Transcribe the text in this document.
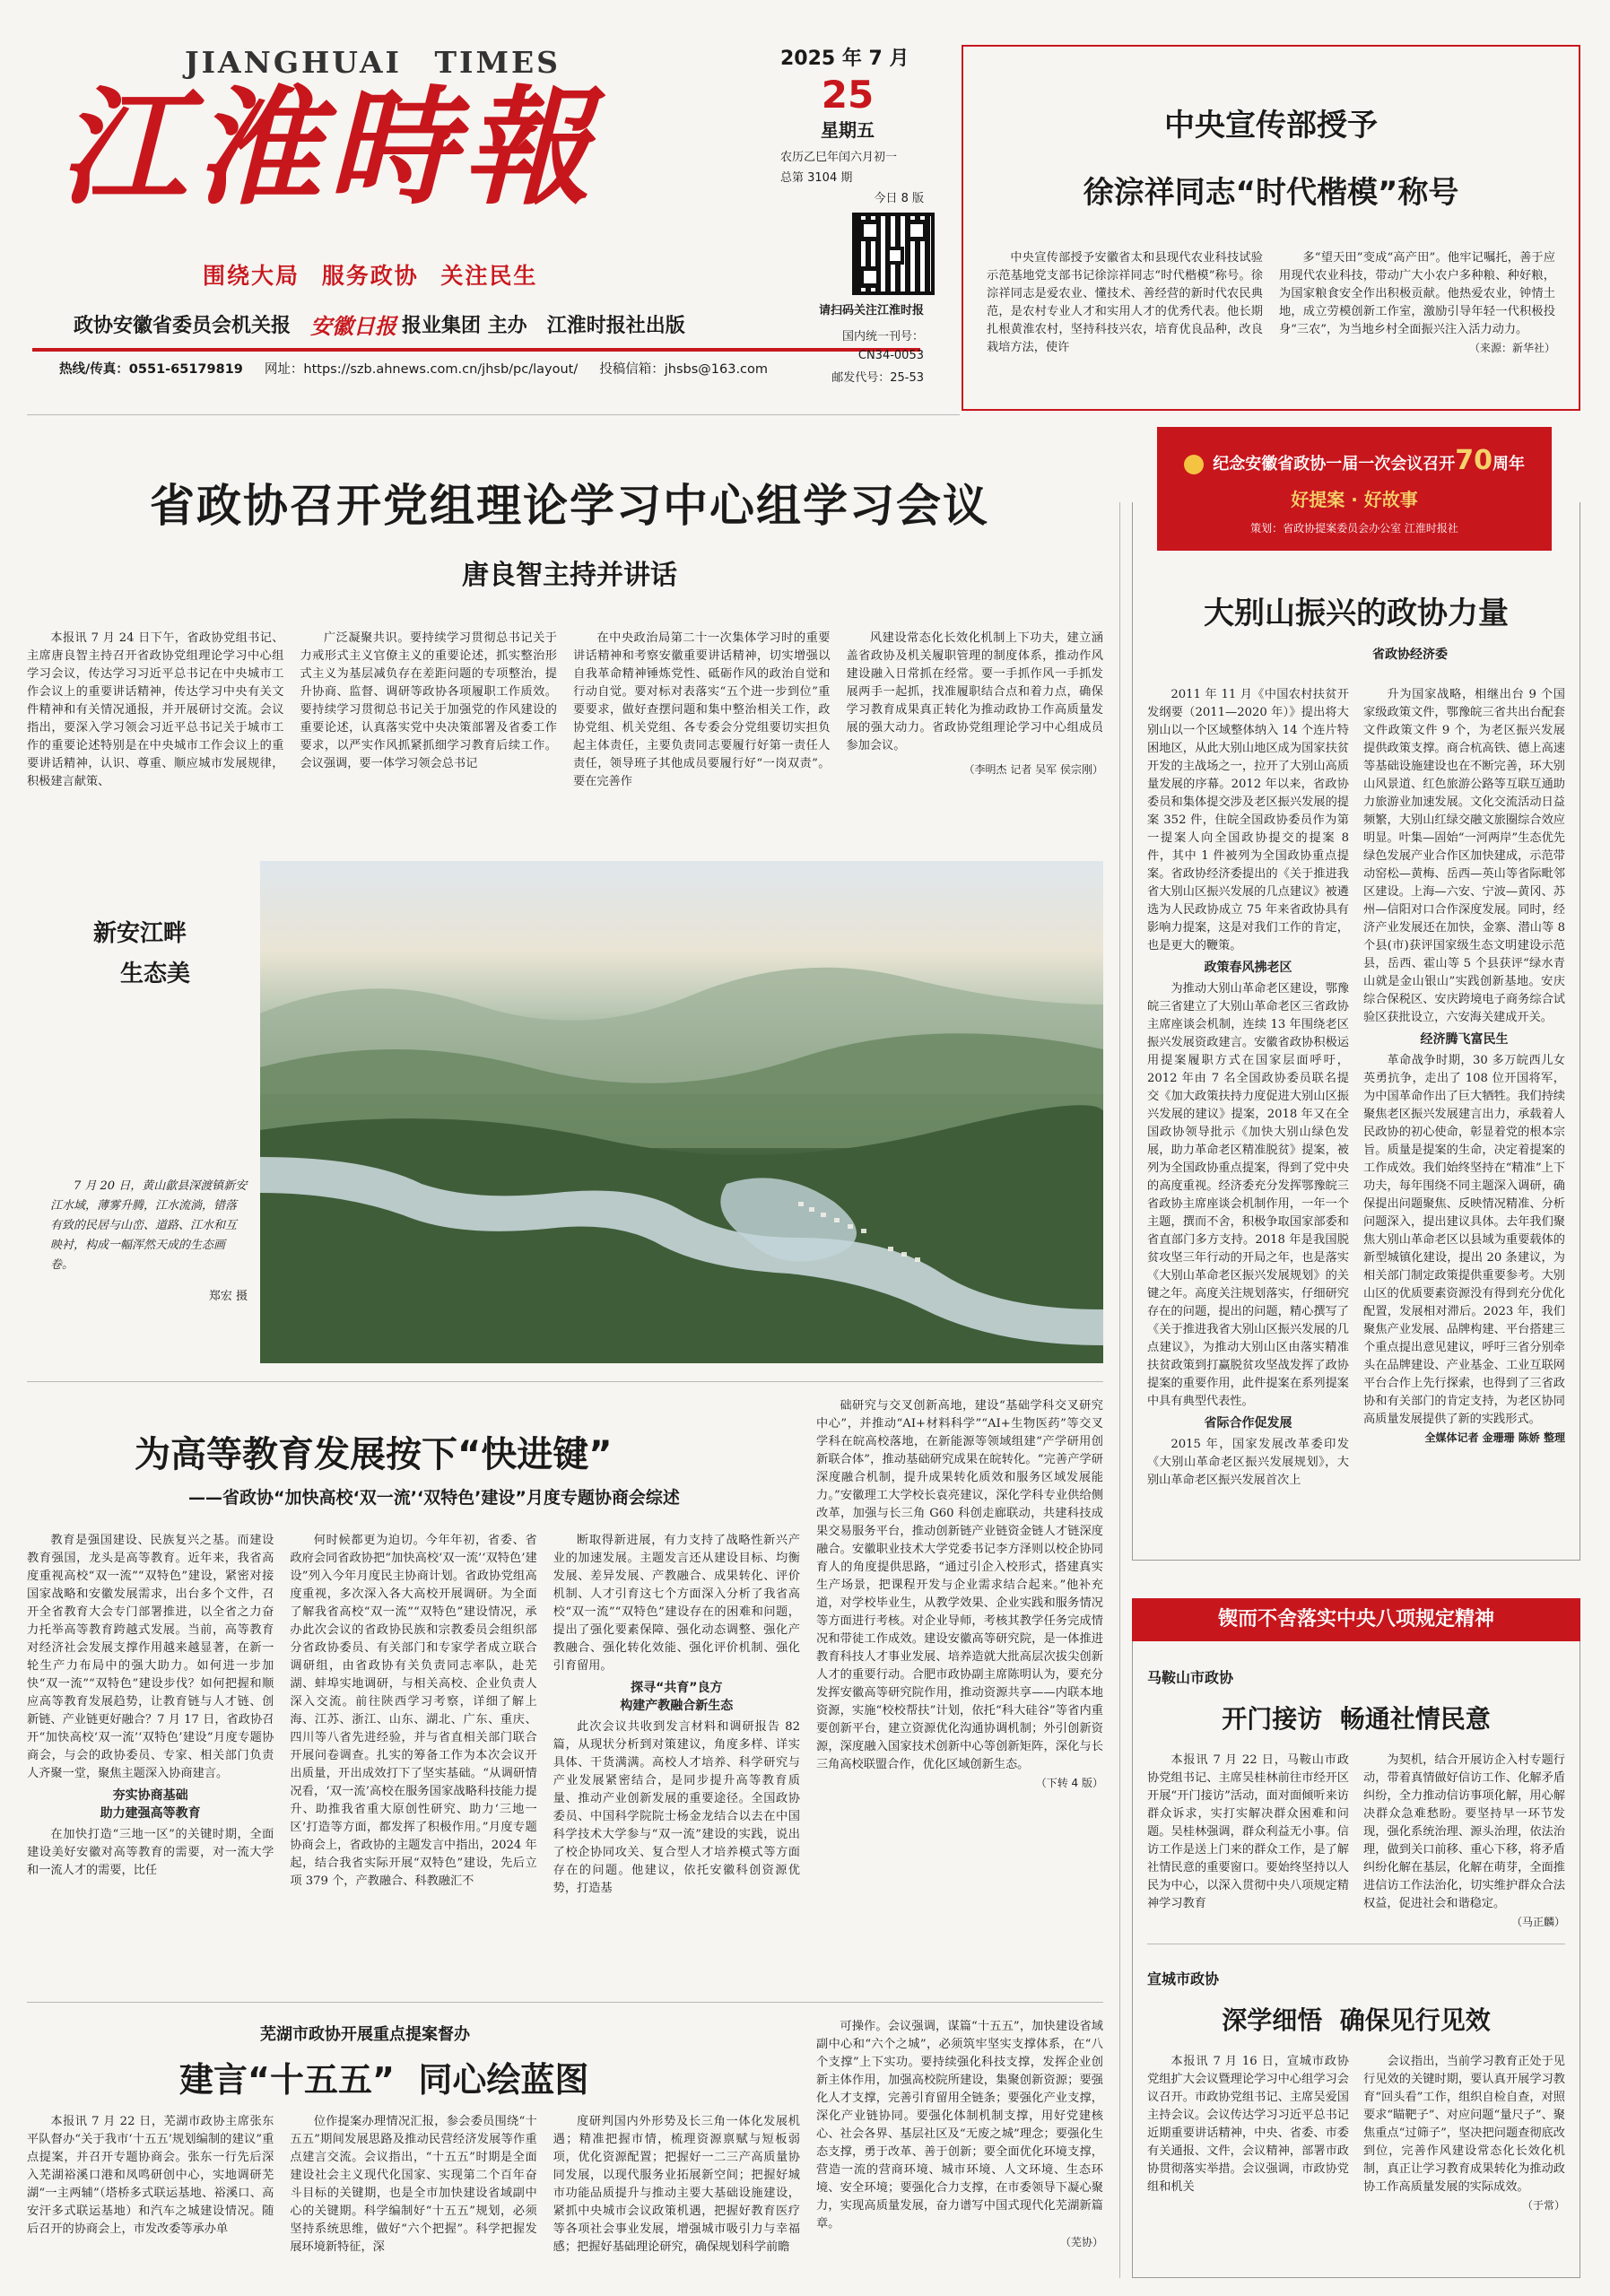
JIANGHUAI TIMES
江淮時報
围绕大局 服务政协 关注民生
政协安徽省委员会机关报 安徽日报 报业集团 主办 江淮时报社出版
热线/传真：0551-65179819 网址：https://szb.ahnews.com.cn/jhsb/pc/layout/ 投稿信箱：jhsbs@163.com
2025 年 7 月
25
星期五
农历乙巳年闰六月初一
总第 3104 期
今日 8 版
请扫码关注江淮时报
国内统一刊号：
CN34-0053
邮发代号：25-53
中央宣传部授予
徐淙祥同志“时代楷模”称号

中央宣传部授予安徽省太和县现代农业科技试验示范基地党支部书记徐淙祥同志“时代楷模”称号。徐淙祥同志是爱农业、懂技术、善经营的新时代农民典范，是农村专业人才和实用人才的优秀代表。他长期扎根黄淮农村，坚持科技兴农，培育优良品种，改良栽培方法，使许

多“望天田”变成“高产田”。他牢记嘱托，善于应用现代农业科技，带动广大小农户多种粮、种好粮，为国家粮食安全作出积极贡献。他热爱农业，钟情土地，成立劳模创新工作室，激励引导年轻一代积极投身“三农”，为当地乡村全面振兴注入活力动力。

（来源：新华社）
纪念安徽省政协一届一次会议召开70周年
好提案 · 好故事
策划：省政协提案委员会办公室 江淮时报社
省政协召开党组理论学习中心组学习会议
唐良智主持并讲话

本报讯 7 月 24 日下午，省政协党组书记、主席唐良智主持召开省政协党组理论学习中心组学习会议，传达学习习近平总书记在中央城市工作会议上的重要讲话精神，传达学习中央有关文件精神和有关情况通报，并开展研讨交流。会议指出，要深入学习领会习近平总书记关于城市工作的重要论述特别是在中央城市工作会议上的重要讲话精神，认识、尊重、顺应城市发展规律，积极建言献策、

广泛凝聚共识。要持续学习贯彻总书记关于力戒形式主义官僚主义的重要论述，抓实整治形式主义为基层减负存在差距问题的专项整治，提升协商、监督、调研等政协各项履职工作质效。要持续学习贯彻总书记关于加强党的作风建设的重要论述，认真落实党中央决策部署及省委工作要求，以严实作风抓紧抓细学习教育后续工作。会议强调，要一体学习领会总书记

在中央政治局第二十一次集体学习时的重要讲话精神和考察安徽重要讲话精神，切实增强以自我革命精神锤炼党性、砥砺作风的政治自觉和行动自觉。要对标对表落实“五个进一步到位”重要要求，做好查摆问题和集中整治相关工作，政协党组、机关党组、各专委会分党组要切实担负起主体责任，主要负责同志要履行好第一责任人责任，领导班子其他成员要履行好“一岗双责”。要在完善作

风建设常态化长效化机制上下功夫，建立涵盖省政协及机关履职管理的制度体系，推动作风建设融入日常抓在经常。要一手抓作风一手抓发展两手一起抓，找准履职结合点和着力点，确保学习教育成果真正转化为推动政协工作高质量发展的强大动力。省政协党组理论学习中心组成员参加会议。

（李明杰 记者 吴军 侯宗刚）
新安江畔
生态美
7 月 20 日，黄山歙县深渡镇新安江水域，薄雾升腾，江水流淌，错落有致的民居与山峦、道路、江水和互映衬，构成一幅浑然天成的生态画卷。
郑宏 摄
为高等教育发展按下“快进键”
——省政协“加快高校‘双一流’‘双特色’建设”月度专题协商会综述

础研究与交叉创新高地，建设“基础学科交叉研究中心”，并推动“AI+材料科学”“AI+生物医药”等交叉学科在皖高校落地，在新能源等领域组建“产学研用创新联合体”，推动基础研究成果在皖转化。“完善产学研深度融合机制，提升成果转化质效和服务区域发展能力。”安徽理工大学校长袁亮建议，深化学科专业供给侧改革，加强与长三角 G60 科创走廊联动，共建科技成果交易服务平台，推动创新链产业链资金链人才链深度融合。安徽职业技术大学党委书记李方泽则以校企协同育人的角度提供思路，“通过引企入校形式，搭建真实生产场景，把课程开发与企业需求结合起来。”他补充道，对学校毕业生，从教学效果、企业实践和服务情况等方面进行考核。对企业导师，考核其教学任务完成情况和带徒工作成效。建设安徽高等研究院，是一体推进教育科技人才事业发展、培养造就大批高层次拔尖创新人才的重要行动。合肥市政协副主席陈明认为，要充分发挥安徽高等研究院作用，推动资源共享——内联本地资源，实施“校校帮扶”计划，依托“科大硅谷”等省内重要创新平台，建立资源优化沟通协调机制；外引创新资源，深度融入国家技术创新中心等创新矩阵，深化与长三角高校联盟合作，优化区域创新生态。

（下转 4 版）

教育是强国建设、民族复兴之基。而建设教育强国，龙头是高等教育。近年来，我省高度重视高校“双一流”“双特色”建设，紧密对接国家战略和安徽发展需求，出台多个文件，召开全省教育大会专门部署推进，以全省之力奋力托举高等教育跨越式发展。当前，高等教育对经济社会发展支撑作用越来越显著，在新一轮生产力布局中的强大助力。如何进一步加快“双一流”“双特色”建设步伐？如何把握和顺应高等教育发展趋势，让教育链与人才链、创新链、产业链更好融合？7 月 17 日，省政协召开“加快高校‘双一流’‘双特色’建设”月度专题协商会，与会的政协委员、专家、相关部门负责人齐聚一堂，聚焦主题深入协商建言。

夯实协商基础

助力建强高等教育

在加快打造“三地一区”的关键时期，全面建设美好安徽对高等教育的需要，对一流大学和一流人才的需要，比任

何时候都更为迫切。今年年初，省委、省政府会同省政协把“加快高校‘双一流’‘双特色’建设”列入今年月度民主协商计划。省政协党组高度重视，多次深入各大高校开展调研。为全面了解我省高校“双一流”“双特色”建设情况，承办此次会议的省政协民族和宗教委员会组织部分省政协委员、有关部门和专家学者成立联合调研组，由省政协有关负责同志率队，赴芜湖、蚌埠实地调研，与相关高校、企业负责人深入交流。前往陕西学习考察，详细了解上海、江苏、浙江、山东、湖北、广东、重庆、四川等八省先进经验，并与省直相关部门联合开展问卷调查。扎实的筹备工作为本次会议开出质量，开出成效打下了坚实基础。“从调研情况看，‘双一流’高校在服务国家战略科技能力提升、助推我省重大原创性研究、助力‘三地一区’打造等方面，都发挥了积极作用。”月度专题协商会上，省政协的主题发言中指出，2024 年起，结合我省实际开展“双特色”建设，先后立项 379 个，产教融合、科教融汇不

断取得新进展，有力支持了战略性新兴产业的加速发展。主题发言还从建设目标、均衡发展、差异发展、产教融合、成果转化、评价机制、人才引育这七个方面深入分析了我省高校“双一流”“双特色”建设存在的困难和问题，提出了强化要素保障、强化动态调整、强化产教融合、强化转化效能、强化评价机制、强化引育留用。

探寻“共育”良方

构建产教融合新生态

此次会议共收到发言材料和调研报告 82 篇，从现状分析到对策建议，角度多样、详实具体、干货满满。高校人才培养、科学研究与产业发展紧密结合，是同步提升高等教育质量、推动产业创新发展的重要途径。全国政协委员、中国科学院院士杨金龙结合以去在中国科学技术大学参与“双一流”建设的实践，说出了校企协同攻关、复合型人才培养模式等方面存在的问题。他建议，依托安徽科创资源优势，打造基

芜湖市政协开展重点提案督办
建言“十五五”  同心绘蓝图

可操作。会议强调，谋篇“十五五”，加快建设省域副中心和“六个之城”，必须筑牢坚实支撑体系，在“八个支撑”上下实功。要持续强化科技支撑，发挥企业创新主体作用，加强高校院所建设，集聚创新资源；要强化人才支撑，完善引育留用全链条；要强化产业支撑，深化产业链协同。要强化体制机制支撑，用好党建核心、社会各界、基层社区及“无废之城”理念；要强化生态支撑，勇于改革、善于创新；要全面优化环境支撑，营造一流的营商环境、城市环境、人文环境、生态环境、安全环境；要强化合力支撑，在市委领导下凝心聚力，实现高质量发展，奋力谱写中国式现代化芜湖新篇章。

（芜协）

本报讯 7 月 22 日，芜湖市政协主席张东平队督办“关于我市‘十五五’规划编制的建议”重点提案，并召开专题协商会。张东一行先后深入芜湖裕溪口港和凤鸣研创中心，实地调研芜湖“一主两辅”（塔桥多式联运基地、裕溪口、高安汗多式联运基地）和汽车之城建设情况。随后召开的协商会上，市发改委等承办单

位作提案办理情况汇报，参会委员围绕“十五五”期间发展思路及推动民营经济发展等作重点建言交流。会议指出，“十五五”时期是全面建设社会主义现代化国家、实现第二个百年奋斗目标的关键期，也是全市加快建设省域副中心的关键期。科学编制好“十五五”规划，必须坚持系统思维，做好“六个把握”。科学把握发展环境新特征，深

度研判国内外形势及长三角一体化发展机遇；精准把握市情，梳理资源禀赋与短板弱项，优化资源配置；把握好一二三产高质量协同发展，以现代服务业拓展新空间；把握好城市功能品质提升与推动主要大基础设施建设，紧抓中央城市会议政策机遇，把握好教育医疗等各项社会事业发展，增强城市吸引力与幸福感；把握好基础理论研究，确保规划科学前瞻

大别山振兴的政协力量
省政协经济委

2011 年 11 月《中国农村扶贫开发纲要（2011—2020 年）》提出将大别山以一个区域整体纳入 14 个连片特困地区，从此大别山地区成为国家扶贫开发的主战场之一，拉开了大别山高质量发展的序幕。2012 年以来，省政协委员和集体提交涉及老区振兴发展的提案 352 件，住皖全国政协委员作为第一提案人向全国政协提交的提案 8 件，其中 1 件被列为全国政协重点提案。省政协经济委提出的《关于推进我省大别山区振兴发展的几点建议》被遴选为人民政协成立 75 年来省政协具有影响力提案，这是对我们工作的肯定，也是更大的鞭策。

政策春风拂老区

为推动大别山革命老区建设，鄂豫皖三省建立了大别山革命老区三省政协主席座谈会机制，连续 13 年围绕老区振兴发展资政建言。安徽省政协积极运用提案履职方式在国家层面呼吁，2012 年由 7 名全国政协委员联名提交《加大政策扶持力度促进大别山区振兴发展的建议》提案，2018 年又在全国政协领导批示《加快大别山绿色发展，助力革命老区精准脱贫》提案，被列为全国政协重点提案，得到了党中央的高度重视。经济委充分发挥鄂豫皖三省政协主席座谈会机制作用，一年一个主题，撰而不舍，积极争取国家部委和省直部门多方支持。2018 年是我国脱贫攻坚三年行动的开局之年，也是落实《大别山革命老区振兴发展规划》的关键之年。高度关注规划落实，仔细研究存在的问题，提出的问题，精心撰写了《关于推进我省大别山区振兴发展的几点建议》，为推动大别山区由落实精准扶贫政策到打赢脱贫攻坚战发挥了政协提案的重要作用，此件提案在系列提案中具有典型代表性。

省际合作促发展

2015 年，国家发展改革委印发《大别山革命老区振兴发展规划》，大别山革命老区振兴发展首次上

升为国家战略，相继出台 9 个国家级政策文件，鄂豫皖三省共出台配套文件政策文件 9 个，为老区振兴发展提供政策支撑。商合杭高铁、德上高速等基础设施建设也在不断完善，环大别山风景道、红色旅游公路等互联互通助力旅游业加速发展。文化交流活动日益频繁，大别山红绿交融文旅圈综合效应明显。叶集—固始“一河两岸”生态优先绿色发展产业合作区加快建成，示范带动窑松—黄梅、岳西—英山等省际毗邻区建设。上海—六安、宁波—黄冈、苏州—信阳对口合作深度发展。同时，经济产业发展还在加快，金寨、潜山等 8 个县(市)获评国家级生态文明建设示范县，岳西、霍山等 5 个县获评“绿水青山就是金山银山”实践创新基地。安庆综合保税区、安庆跨境电子商务综合试验区获批设立，六安海关建成开关。

经济腾飞富民生

革命战争时期，30 多万皖西儿女英勇抗争，走出了 108 位开国将军，为中国革命作出了巨大牺牲。我们持续聚焦老区振兴发展建言出力，承载着人民政协的初心使命，彰显着党的根本宗旨。质量是提案的生命，决定着提案的工作成效。我们始终坚持在“精准”上下功夫，每年围绕不同主题深入调研，确保提出问题聚焦、反映情况精准、分析问题深入，提出建议具体。去年我们聚焦大别山革命老区以县域为重要载体的新型城镇化建设，提出 20 条建议，为相关部门制定政策提供重要参考。大别山区的优质要素资源没有得到充分优化配置，发展相对滞后。2023 年，我们聚焦产业发展、品牌构建、平台搭建三个重点提出意见建议，呼吁三省分别牵头在品牌建设、产业基金、工业互联网平台合作上先行探索，也得到了三省政协和有关部门的肯定支持，为老区协同高质量发展提供了新的实践形式。

全媒体记者 金珊珊 陈娇 整理
锲而不舍落实中央八项规定精神
马鞍山市政协
开门接访  畅通社情民意

本报讯 7 月 22 日，马鞍山市政协党组书记、主席吴桂林前往市经开区开展“开门接访”活动，面对面倾听来访群众诉求，实打实解决群众困难和问题。吴桂林强调，群众利益无小事。信访工作是送上门来的群众工作，是了解社情民意的重要窗口。要始终坚持以人民为中心，以深入贯彻中央八项规定精神学习教育

为契机，结合开展访企入村专题行动，带着真情做好信访工作、化解矛盾纠纷，全力推动信访事项化解，用心解决群众急难愁盼。要坚持早一环节发现，强化系统治理、源头治理，依法治理，做到关口前移、重心下移，将矛盾纠纷化解在基层，化解在萌芽，全面推进信访工作法治化，切实维护群众合法权益，促进社会和谐稳定。

（马正麟）
宣城市政协
深学细悟  确保见行见效

本报讯 7 月 16 日，宣城市政协党组扩大会议暨理论学习中心组学习会议召开。市政协党组书记、主席吴爱国主持会议。会议传达学习习近平总书记近期重要讲话精神，中央、省委、市委有关通报、文件，会议精神，部署市政协贯彻落实举措。会议强调，市政协党组和机关

会议指出，当前学习教育正处于见行见效的关键时期，要认真开展学习教育“回头看”工作，组织自检自查，对照要求“瞄靶子”、对应问题“量尺子”、聚焦重点“过筛子”，坚决把问题查彻底改到位，完善作风建设常态化长效化机制，真正让学习教育成果转化为推动政协工作高质量发展的实际成效。

（于常）
